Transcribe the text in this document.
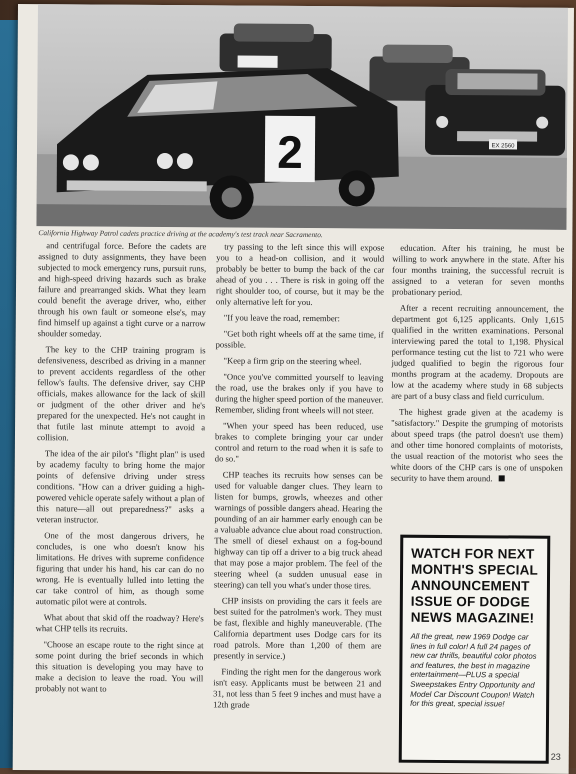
EX 2560
2
California Highway Patrol cadets practice driving at the academy's test track near Sacramento.

and centrifugal force. Before the cadets are assigned to duty assignments, they have been subjected to mock emergency runs, pursuit runs, and high-speed driving hazards such as brake failure and prearranged skids. What they learn could benefit the average driver, who, either through his own fault or someone else's, may find himself up against a tight curve or a narrow shoulder someday.

The key to the CHP training program is defensiveness, described as driving in a manner to prevent accidents regardless of the other fellow's faults. The defensive driver, say CHP officials, makes allowance for the lack of skill or judgment of the other driver and he's prepared for the unexpected. He's not caught in that futile last minute attempt to avoid a collision.

The idea of the air pilot's "flight plan" is used by academy faculty to bring home the major points of defensive driving under stress conditions. "How can a driver guiding a high-powered vehicle operate safely without a plan of this nature—all out preparedness?" asks a veteran instructor.

One of the most dangerous drivers, he concludes, is one who doesn't know his limitations. He drives with supreme confidence figuring that under his hand, his car can do no wrong. He is eventually lulled into letting the car take control of him, as though some automatic pilot were at controls.

What about that skid off the roadway? Here's what CHP tells its recruits.

"Choose an escape route to the right since at some point during the brief seconds in which this situation is developing you may have to make a decision to leave the road. You will probably not want to

try passing to the left since this will expose you to a head-on collision, and it would probably be better to bump the back of the car ahead of you . . . There is risk in going off the right shoulder too, of course, but it may be the only alternative left for you.

"If you leave the road, remember:

"Get both right wheels off at the same time, if possible.

"Keep a firm grip on the steering wheel.

"Once you've committed yourself to leaving the road, use the brakes only if you have to during the higher speed portion of the maneuver. Remember, sliding front wheels will not steer.

"When your speed has been reduced, use brakes to complete bringing your car under control and return to the road when it is safe to do so."

CHP teaches its recruits how senses can be used for valuable danger clues. They learn to listen for bumps, growls, wheezes and other warnings of possible dangers ahead. Hearing the pounding of an air hammer early enough can be a valuable advance clue about road construction. The smell of diesel exhaust on a fog-bound highway can tip off a driver to a big truck ahead that may pose a major problem. The feel of the steering wheel (a sudden unusual ease in steering) can tell you what's under those tires.

CHP insists on providing the cars it feels are best suited for the patrolmen's work. They must be fast, flexible and highly maneuverable. (The California department uses Dodge cars for its road patrols. More than 1,200 of them are presently in service.)

Finding the right men for the dangerous work isn't easy. Applicants must be between 21 and 31, not less than 5 feet 9 inches and must have a 12th grade

education. After his training, he must be willing to work anywhere in the state. After his four months training, the successful recruit is assigned to a veteran for seven months probationary period.

After a recent recruiting announcement, the department got 6,125 applicants. Only 1,615 qualified in the written examinations. Personal interviewing pared the total to 1,198. Physical performance testing cut the list to 721 who were judged qualified to begin the rigorous four months program at the academy. Dropouts are low at the academy where study in 68 subjects are part of a busy class and field curriculum.

The highest grade given at the academy is "satisfactory." Despite the grumping of motorists about speed traps (the patrol doesn't use them) and other time honored complaints of motorists, the usual reaction of the motorist who sees the white doors of the CHP cars is one of unspoken security to have them around.

WATCH FOR NEXT MONTH'S SPECIAL ANNOUNCEMENT ISSUE OF DODGE NEWS MAGAZINE!
All the great, new 1969 Dodge car lines in full color! A full 24 pages of new car thrills, beautiful color photos and features, the best in magazine entertainment—PLUS a special Sweepstakes Entry Opportunity and Model Car Discount Coupon! Watch for this great, special issue!
23
